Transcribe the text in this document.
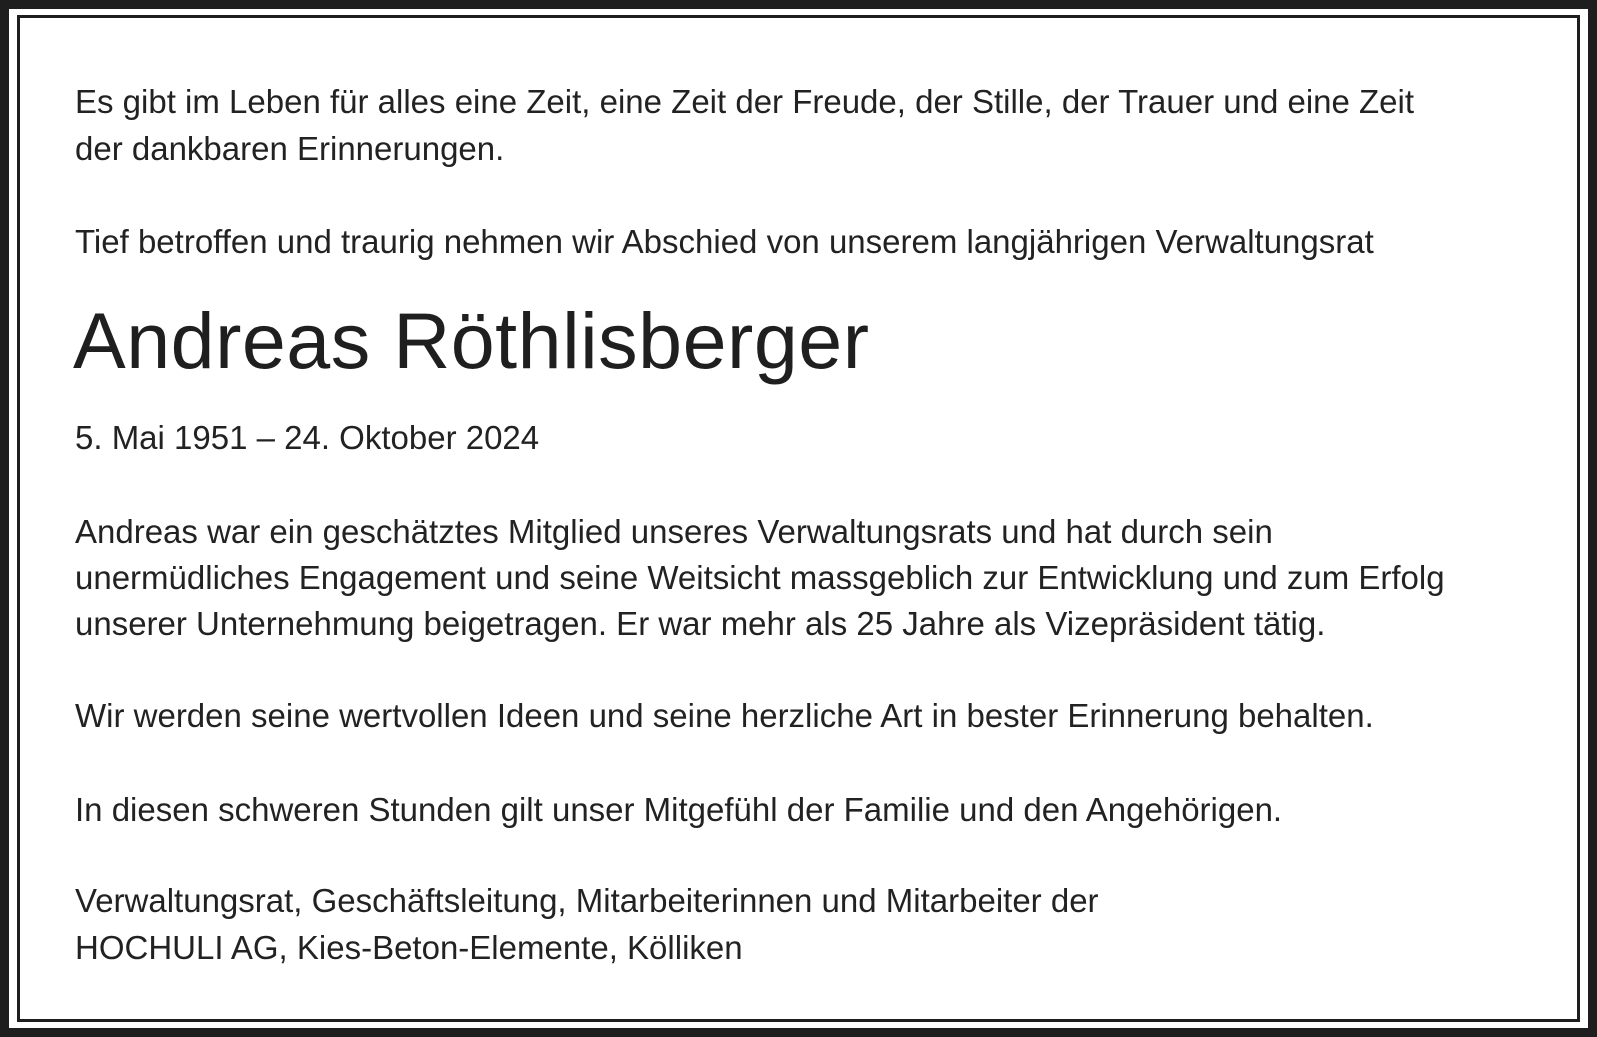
Es gibt im Leben für alles eine Zeit, eine Zeit der Freude, der Stille, der Trauer und eine Zeit

der dankbaren Erinnerungen.

Tief betroffen und traurig nehmen wir Abschied von unserem langjährigen Verwaltungsrat

Andreas Röthlisberger

5. Mai 1951 – 24. Oktober 2024

Andreas war ein geschätztes Mitglied unseres Verwaltungsrats und hat durch sein

unermüdliches Engagement und seine Weitsicht massgeblich zur Entwicklung und zum Erfolg

unserer Unternehmung beigetragen. Er war mehr als 25 Jahre als Vizepräsident tätig.

Wir werden seine wertvollen Ideen und seine herzliche Art in bester Erinnerung behalten.

In diesen schweren Stunden gilt unser Mitgefühl der Familie und den Angehörigen.

Verwaltungsrat, Geschäftsleitung, Mitarbeiterinnen und Mitarbeiter der

HOCHULI AG, Kies-Beton-Elemente, Kölliken
